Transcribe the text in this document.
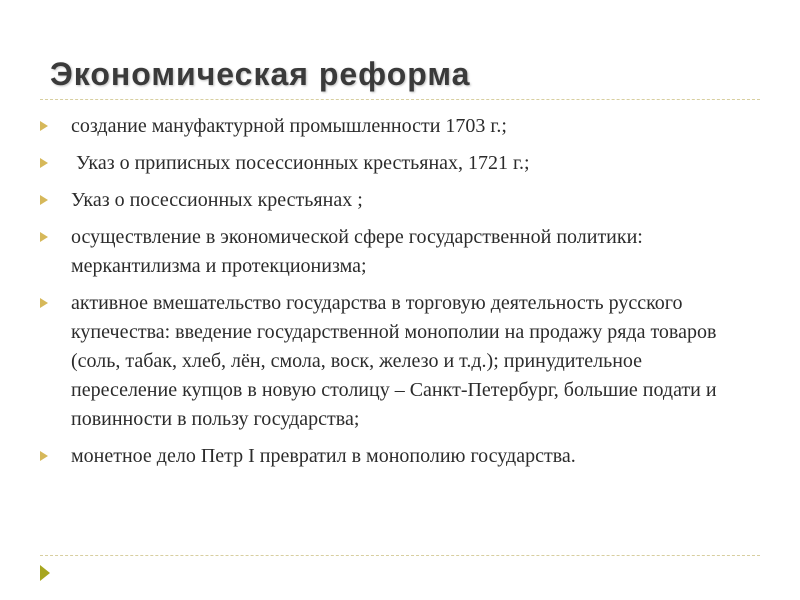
Экономическая реформа
создание мануфактурной промышленности 1703 г.;
Указ о приписных посессионных крестьянах, 1721 г.;
Указ о посессионных крестьянах ;
осуществление в экономической сфере государственной политики: меркантилизма и протекционизма;
активное вмешательство государства в торговую деятельность русского купечества: введение государственной монополии на продажу ряда товаров (соль, табак, хлеб, лён, смола, воск, железо и т.д.); принудительное переселение купцов в новую столицу – Санкт-Петербург, большие подати и повинности в пользу государства;
монетное дело Петр I превратил в монополию государства.
